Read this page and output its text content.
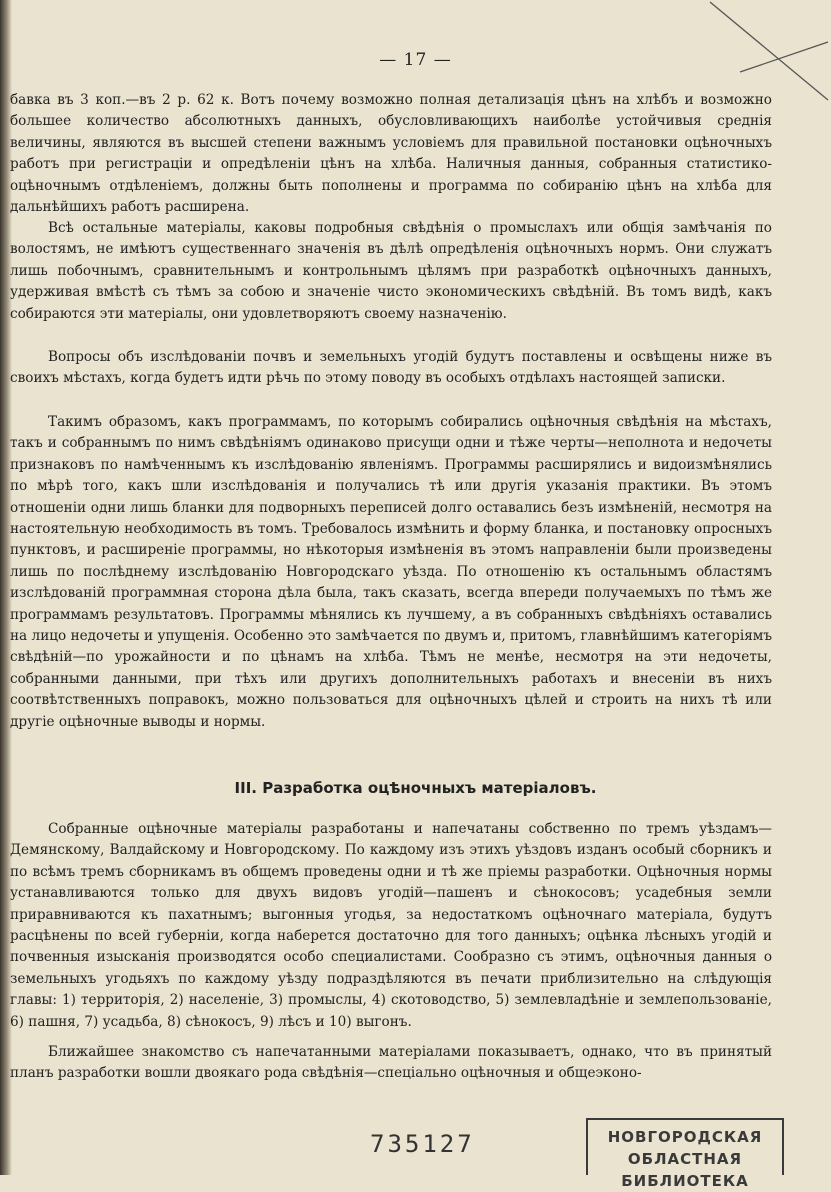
— 17 —

бавка въ 3 коп.—въ 2 р. 62 к. Вотъ почему возможно полная детализація цѣнъ на хлѣбъ и возможно большее количество абсолютныхъ данныхъ, обусловливающихъ наиболѣе устойчивыя среднія величины, являются въ высшей степени важнымъ условіемъ для правильной постановки оцѣночныхъ работъ при регистраціи и опредѣленіи цѣнъ на хлѣба. Наличныя данныя, собранныя статистико-оцѣночнымъ отдѣленіемъ, должны быть пополнены и программа по собиранію цѣнъ на хлѣба для дальнѣйшихъ работъ расширена.

Всѣ остальные матеріалы, каковы подробныя свѣдѣнія о промыслахъ или общія замѣчанія по волостямъ, не имѣютъ существеннаго значенія въ дѣлѣ опредѣленія оцѣночныхъ нормъ. Они служатъ лишь побочнымъ, сравнительнымъ и контрольнымъ цѣлямъ при разработкѣ оцѣночныхъ данныхъ, удерживая вмѣстѣ съ тѣмъ за собою и значеніе чисто экономическихъ свѣдѣній. Въ томъ видѣ, какъ собираются эти матеріалы, они удовлетворяютъ своему назначенію.

Вопросы объ изслѣдованіи почвъ и земельныхъ угодій будутъ поставлены и освѣщены ниже въ своихъ мѣстахъ, когда будетъ идти рѣчь по этому поводу въ особыхъ отдѣлахъ настоящей записки.

Такимъ образомъ, какъ программамъ, по которымъ собирались оцѣночныя свѣдѣнія на мѣстахъ, такъ и собраннымъ по нимъ свѣдѣніямъ одинаково присущи одни и тѣже черты—неполнота и недочеты признаковъ по намѣченнымъ къ изслѣдованію явленіямъ. Программы расширялись и видоизмѣнялись по мѣрѣ того, какъ шли изслѣдованія и получались тѣ или другія указанія практики. Въ этомъ отношеніи одни лишь бланки для подворныхъ переписей долго оставались безъ измѣненій, несмотря на настоятельную необходимость въ томъ. Требовалось измѣнить и форму бланка, и постановку опросныхъ пунктовъ, и расширеніе программы, но нѣкоторыя измѣненія въ этомъ направленіи были произведены лишь по послѣднему изслѣдованію Новгородскаго уѣзда. По отношенію къ остальнымъ областямъ изслѣдованій программная сторона дѣла была, такъ сказать, всегда впереди получаемыхъ по тѣмъ же программамъ результатовъ. Программы мѣнялись къ лучшему, а въ собранныхъ свѣдѣніяхъ оставались на лицо недочеты и упущенія. Особенно это замѣчается по двумъ и, притомъ, главнѣйшимъ категоріямъ свѣдѣній—по урожайности и по цѣнамъ на хлѣба. Тѣмъ не менѣе, несмотря на эти недочеты, собранными данными, при тѣхъ или другихъ дополнительныхъ работахъ и внесеніи въ нихъ соотвѣтственныхъ поправокъ, можно пользоваться для оцѣночныхъ цѣлей и строить на нихъ тѣ или другіе оцѣночные выводы и нормы.

III. Разработка оцѣночныхъ матеріаловъ.

Собранные оцѣночные матеріалы разработаны и напечатаны собственно по тремъ уѣздамъ—Демянскому, Валдайскому и Новгородскому. По каждому изъ этихъ уѣздовъ изданъ особый сборникъ и по всѣмъ тремъ сборникамъ въ общемъ проведены одни и тѣ же пріемы разработки. Оцѣночныя нормы устанавливаются только для двухъ видовъ угодій—пашенъ и сѣнокосовъ; усадебныя земли приравниваются къ пахатнымъ; выгонныя угодья, за недостаткомъ оцѣночнаго матеріала, будутъ расцѣнены по всей губерніи, когда наберется достаточно для того данныхъ; оцѣнка лѣсныхъ угодій и почвенныя изысканія производятся особо специалистами. Сообразно съ этимъ, оцѣночныя данныя о земельныхъ угодьяхъ по каждому уѣзду подраздѣляются въ печати приблизительно на слѣдующія главы: 1) территорія, 2) населеніе, 3) промыслы, 4) скотоводство, 5) землевладѣніе и землепользованіе, 6) пашня, 7) усадьба, 8) сѣнокосъ, 9) лѣсъ и 10) выгонъ.

Ближайшее знакомство съ напечатанными матеріалами показываетъ, однако, что въ принятый планъ разработки вошли двоякаго рода свѣдѣнія—спеціально оцѣночныя и общеэконо-

735127	НОВГОРОДСКАЯ
ОБЛАСТНАЯ БИБЛИОТЕКА
